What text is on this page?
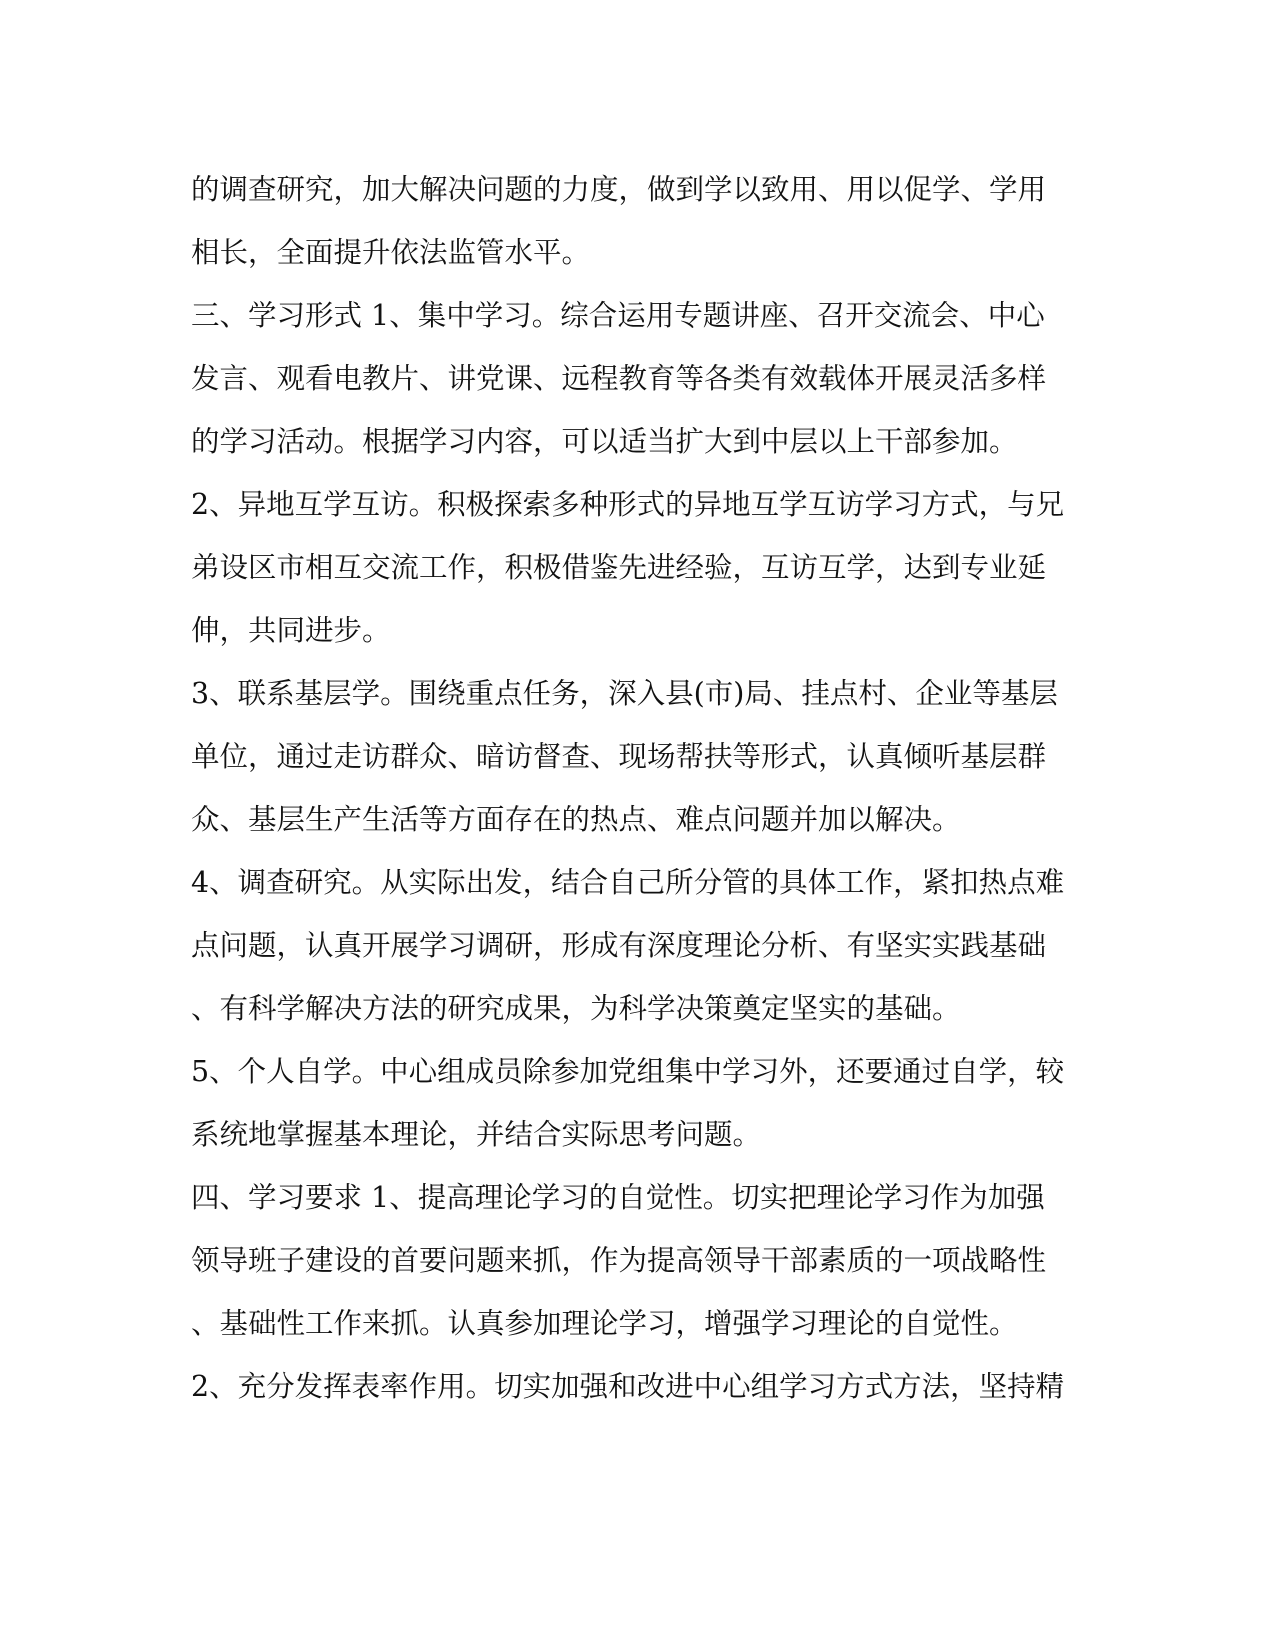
的调查研究，加大解决问题的力度，做到学以致用、用以促学、学用
相长，全面提升依法监管水平。
三、学习形式 1、集中学习。综合运用专题讲座、召开交流会、中心
发言、观看电教片、讲党课、远程教育等各类有效载体开展灵活多样
的学习活动。根据学习内容，可以适当扩大到中层以上干部参加。
2、异地互学互访。积极探索多种形式的异地互学互访学习方式，与兄
弟设区市相互交流工作，积极借鉴先进经验，互访互学，达到专业延
伸，共同进步。
3、联系基层学。围绕重点任务，深入县(市)局、挂点村、企业等基层
单位，通过走访群众、暗访督查、现场帮扶等形式，认真倾听基层群
众、基层生产生活等方面存在的热点、难点问题并加以解决。
4、调查研究。从实际出发，结合自己所分管的具体工作，紧扣热点难
点问题，认真开展学习调研，形成有深度理论分析、有坚实实践基础
、有科学解决方法的研究成果，为科学决策奠定坚实的基础。
5、个人自学。中心组成员除参加党组集中学习外，还要通过自学，较
系统地掌握基本理论，并结合实际思考问题。
四、学习要求 1、提高理论学习的自觉性。切实把理论学习作为加强
领导班子建设的首要问题来抓，作为提高领导干部素质的一项战略性
、基础性工作来抓。认真参加理论学习，增强学习理论的自觉性。
2、充分发挥表率作用。切实加强和改进中心组学习方式方法，坚持精
